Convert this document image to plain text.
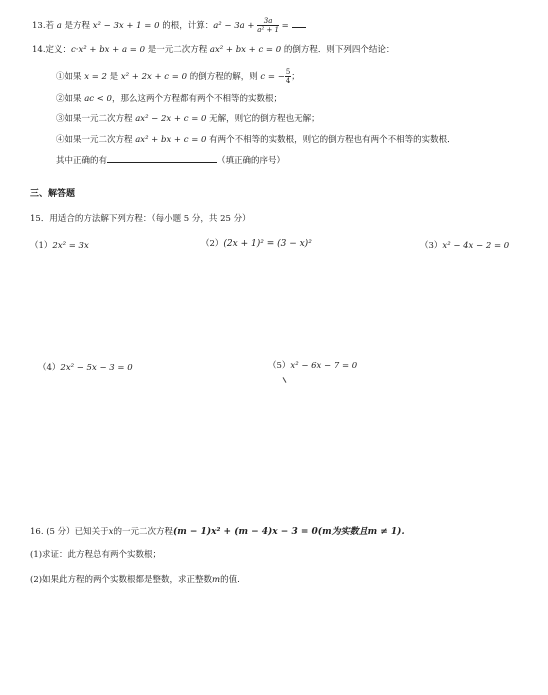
13.若 a 是方程 x² − 3x + 1 = 0 的根，计算：$a^2 - 3a + \frac{3a}{\text{a² + 1}}$ =
14.定义：c·x² + bx + a = 0 是一元二次方程 ax² + bx + c = 0 的倒方程．则下列四个结论：
①如果 x = 2 是 x² + 2x + c = 0 的倒方程的解，则 c = − $\frac{5}{4}$ ；
②如果 ac < 0，那么这两个方程都有两个不相等的实数根；
③如果一元二次方程 ax² − 2x + c = 0 无解，则它的倒方程也无解；
④如果一元二次方程 ax² + bx + c = 0 有两个不相等的实数根，则它的倒方程也有两个不相等的实数根．
其中正确的有	（填正确的序号）
三、解答题
15．用适合的方法解下列方程：（每小题 5 分，共 25 分）
（1）2x² = 3x	（2）(2x + 1)² = (3 − x)²	（3）x² − 4x − 2 = 0
（4）2x² − 5x − 3 = 0	（5）x² − 6x − 7 = 0
16. (5 分）已知关于x的一元二次方程(m − 1)x² + (m − 4)x − 3 = 0(m为实数且m ≠ 1).
(1)求证：此方程总有两个实数根；
(2)如果此方程的两个实数根都是整数，求正整数m的值.
